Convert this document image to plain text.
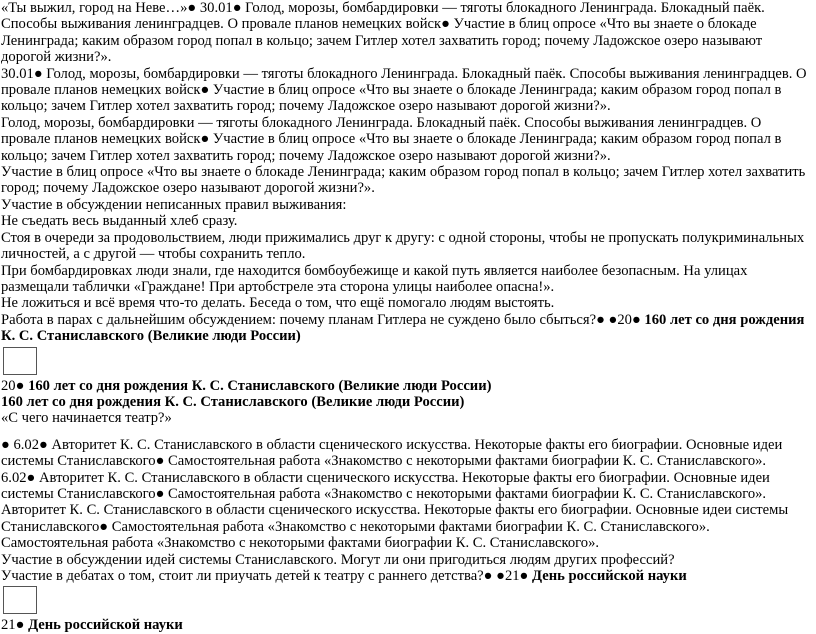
«Ты выжил, город на Неве…»● 30.01● Голод, морозы, бомбардировки — тяготы блокадного Ленинграда. Блокадный паёк. Способы выживания ленинградцев. О провале планов немецких войск● Участие в блиц опросе «Что вы знаете о блокаде Ленинграда; каким образом город попал в кольцо; зачем Гитлер хотел захватить город; почему Ладожское озеро называют дорогой жизни?».
30.01● Голод, морозы, бомбардировки — тяготы блокадного Ленинграда. Блокадный паёк. Способы выживания ленинградцев. О провале планов немецких войск● Участие в блиц опросе «Что вы знаете о блокаде Ленинграда; каким образом город попал в кольцо; зачем Гитлер хотел захватить город; почему Ладожское озеро называют дорогой жизни?».
Голод, морозы, бомбардировки — тяготы блокадного Ленинграда. Блокадный паёк. Способы выживания ленинградцев. О провале планов немецких войск● Участие в блиц опросе «Что вы знаете о блокаде Ленинграда; каким образом город попал в кольцо; зачем Гитлер хотел захватить город; почему Ладожское озеро называют дорогой жизни?».
Участие в блиц опросе «Что вы знаете о блокаде Ленинграда; каким образом город попал в кольцо; зачем Гитлер хотел захватить город; почему Ладожское озеро называют дорогой жизни?».
Участие в обсуждении неписанных правил выживания:
Не съедать весь выданный хлеб сразу.
Стоя в очереди за продовольствием, люди прижимались друг к другу: с одной стороны, чтобы не пропускать полукриминальных личностей, а с другой — чтобы сохранить тепло.
При бомбардировках люди знали, где находится бомбоубежище и какой путь является наиболее безопасным. На улицах размещали таблички «Граждане! При артобстреле эта сторона улицы наиболее опасна!».
Не ложиться и всё время что-то делать. Беседа о том, что ещё помогало людям выстоять.
Работа в парах с дальнейшим обсуждением: почему планам Гитлера не суждено было сбыться?● ●20● 160 лет со дня рождения К. С. Станиславского (Великие люди России)
20● 160 лет со дня рождения К. С. Станиславского (Великие люди России)
160 лет со дня рождения К. С. Станиславского (Великие люди России)
«С чего начинается театр?»
● 6.02● Авторитет К. С. Станиславского в области сценического искусства. Некоторые факты его биографии. Основные идеи системы Станиславского● Самостоятельная работа «Знакомство с некоторыми фактами биографии К. С. Станиславского».
6.02● Авторитет К. С. Станиславского в области сценического искусства. Некоторые факты его биографии. Основные идеи системы Станиславского● Самостоятельная работа «Знакомство с некоторыми фактами биографии К. С. Станиславского».
Авторитет К. С. Станиславского в области сценического искусства. Некоторые факты его биографии. Основные идеи системы Станиславского● Самостоятельная работа «Знакомство с некоторыми фактами биографии К. С. Станиславского».
Самостоятельная работа «Знакомство с некоторыми фактами биографии К. С. Станиславского».
Участие в обсуждении идей системы Станиславского. Могут ли они пригодиться людям других профессий?
Участие в дебатах о том, стоит ли приучать детей к театру с раннего детства?● ●21● День российской науки
21● День российской науки
